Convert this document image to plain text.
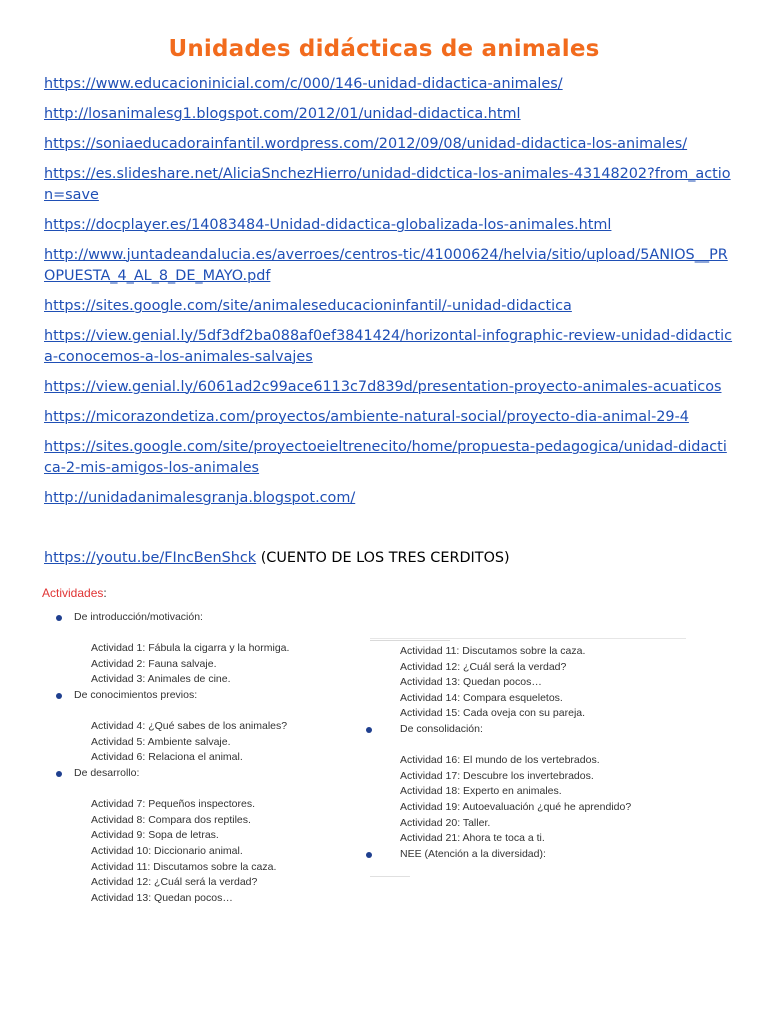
Unidades didácticas de animales
https://www.educacioninicial.com/c/000/146-unidad-didactica-animales/
http://losanimalesg1.blogspot.com/2012/01/unidad-didactica.html
https://soniaeducadorainfantil.wordpress.com/2012/09/08/unidad-didactica-los-animales/
https://es.slideshare.net/AliciaSnchezHierro/unidad-didctica-los-animales-43148202?from_action=save
https://docplayer.es/14083484-Unidad-didactica-globalizada-los-animales.html
http://www.juntadeandalucia.es/averroes/centros-tic/41000624/helvia/sitio/upload/5ANIOS__PROPUESTA_4_AL_8_DE_MAYO.pdf
https://sites.google.com/site/animaleseducacioninfantil/-unidad-didactica
https://view.genial.ly/5df3df2ba088af0ef3841424/horizontal-infographic-review-unidad-didactica-conocemos-a-los-animales-salvajes
https://view.genial.ly/6061ad2c99ace6113c7d839d/presentation-proyecto-animales-acuaticos
https://micorazondetiza.com/proyectos/ambiente-natural-social/proyecto-dia-animal-29-4
https://sites.google.com/site/proyectoeieltrenecito/home/propuesta-pedagogica/unidad-didactica-2-mis-amigos-los-animales
http://unidadanimalesgranja.blogspot.com/
https://youtu.be/FIncBenShck (CUENTO DE LOS TRES CERDITOS)
Actividades:
De introducción/motivación:
Actividad 1: Fábula la cigarra y la hormiga.
Actividad 2: Fauna salvaje.
Actividad 3: Animales de cine.
De conocimientos previos:
Actividad 4: ¿Qué sabes de los animales?
Actividad 5: Ambiente salvaje.
Actividad 6: Relaciona el animal.
De desarrollo:
Actividad 7: Pequeños inspectores.
Actividad 8: Compara dos reptiles.
Actividad 9: Sopa de letras.
Actividad 10: Diccionario animal.
Actividad 11: Discutamos sobre la caza.
Actividad 12: ¿Cuál será la verdad?
Actividad 13: Quedan pocos…
Actividad 11: Discutamos sobre la caza.
Actividad 12: ¿Cuál será la verdad?
Actividad 13: Quedan pocos…
Actividad 14: Compara esqueletos.
Actividad 15: Cada oveja con su pareja.
De consolidación:
Actividad 16: El mundo de los vertebrados.
Actividad 17: Descubre los invertebrados.
Actividad 18: Experto en animales.
Actividad 19: Autoevaluación ¿qué he aprendido?
Actividad 20: Taller.
Actividad 21: Ahora te toca a ti.
NEE (Atención a la diversidad):
